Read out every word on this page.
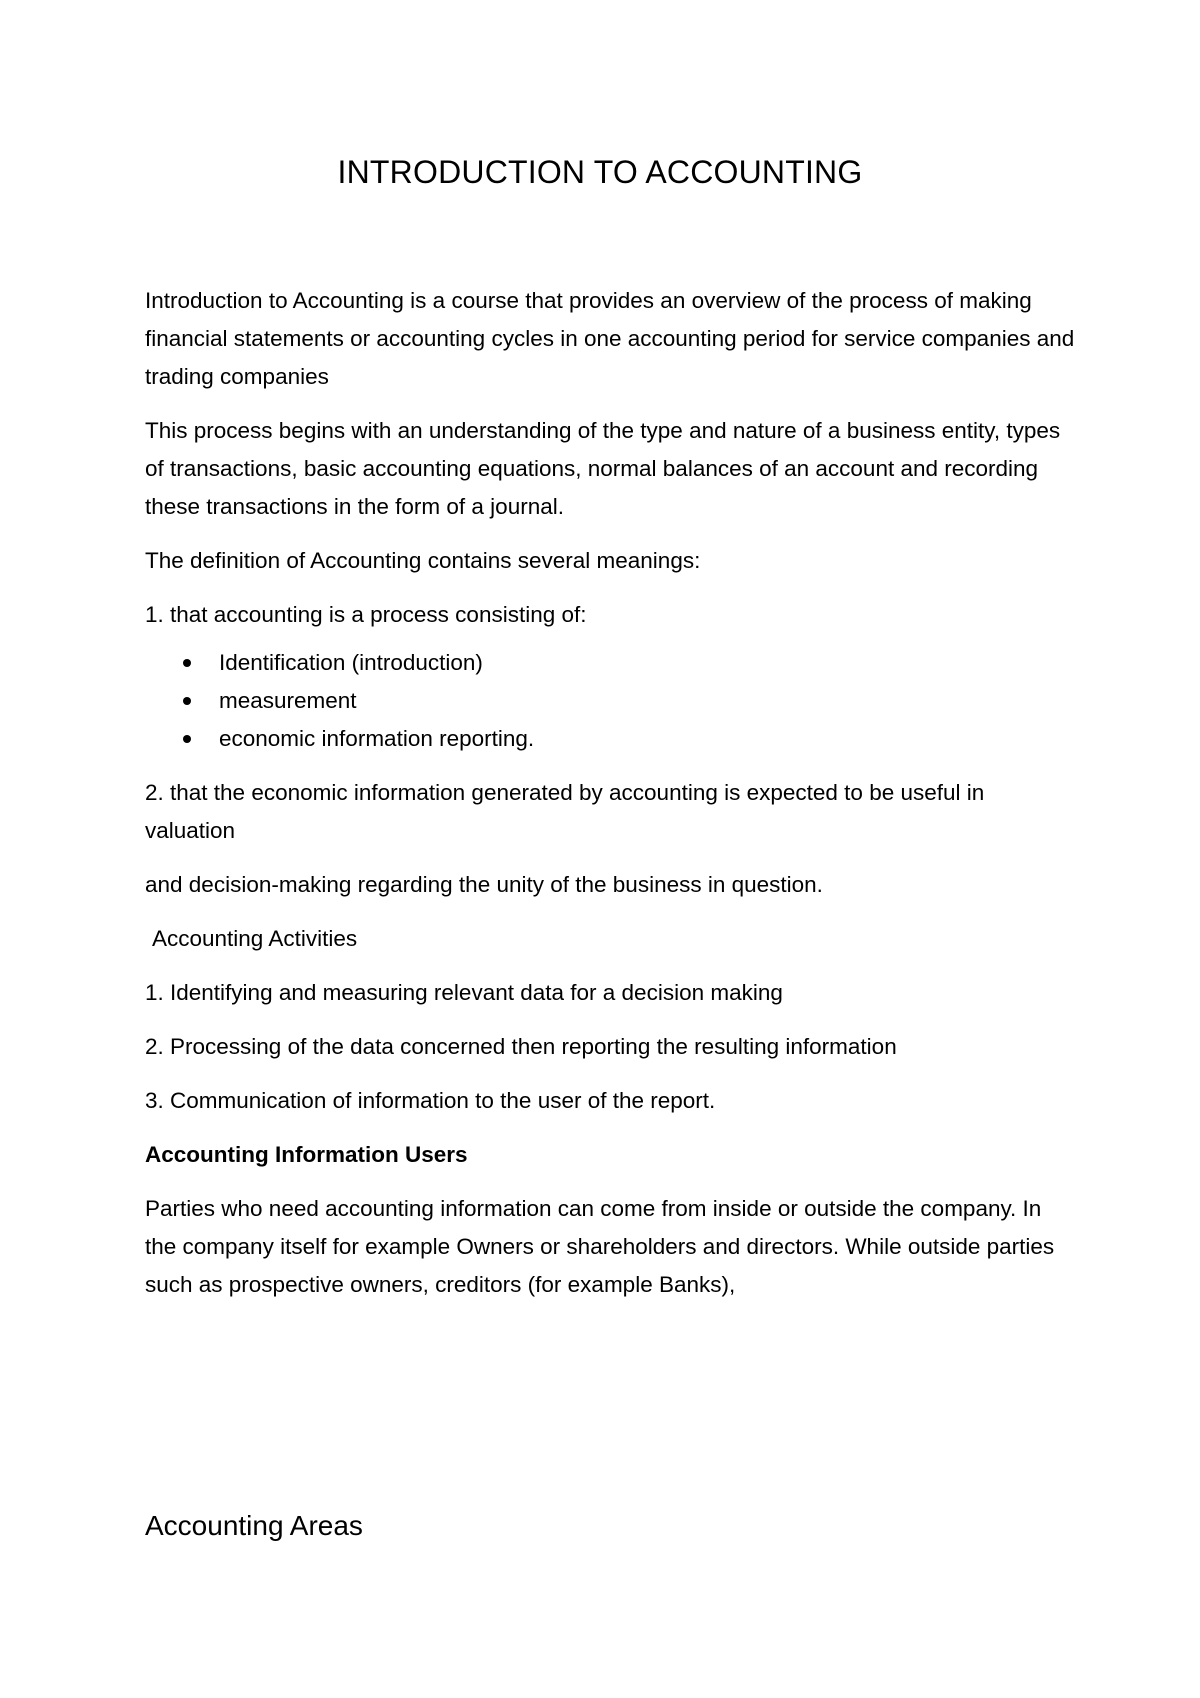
INTRODUCTION TO ACCOUNTING

Introduction to Accounting is a course that provides an overview of the process of making financial statements or accounting cycles in one accounting period for service companies and trading companies

This process begins with an understanding of the type and nature of a business entity, types of transactions, basic accounting equations, normal balances of an account and recording these transactions in the form of a journal.

The definition of Accounting contains several meanings:

1. that accounting is a process consisting of:

Identification (introduction)
measurement
economic information reporting.

2. that the economic information generated by accounting is expected to be useful in valuation

and decision-making regarding the unity of the business in question.

Accounting Activities

1. Identifying and measuring relevant data for a decision making

2. Processing of the data concerned then reporting the resulting information

3. Communication of information to the user of the report.

Accounting Information Users

Parties who need accounting information can come from inside or outside the company. In the company itself for example Owners or shareholders and directors. While outside parties such as prospective owners, creditors (for example Banks),

Accounting Areas
